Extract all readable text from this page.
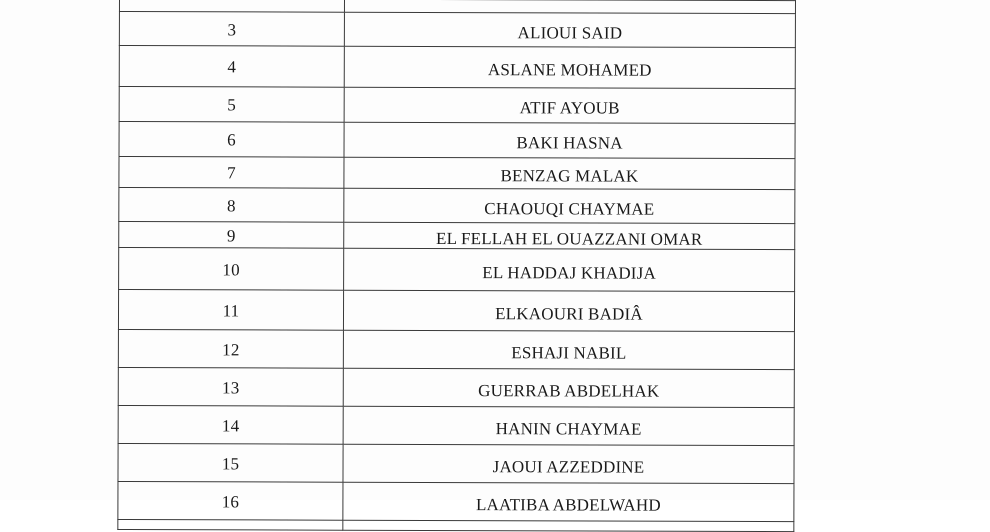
3	ALIOUI SAID
4	ASLANE MOHAMED
5	ATIF AYOUB
6	BAKI HASNA
7	BENZAG MALAK
8	CHAOUQI CHAYMAE
9	EL FELLAH EL OUAZZANI OMAR
10	EL HADDAJ KHADIJA
11	ELKAOURI BADIÂ
12	ESHAJI NABIL
13	GUERRAB ABDELHAK
14	HANIN CHAYMAE
15	JAOUI AZZEDDINE
16	LAATIBA ABDELWAHD
